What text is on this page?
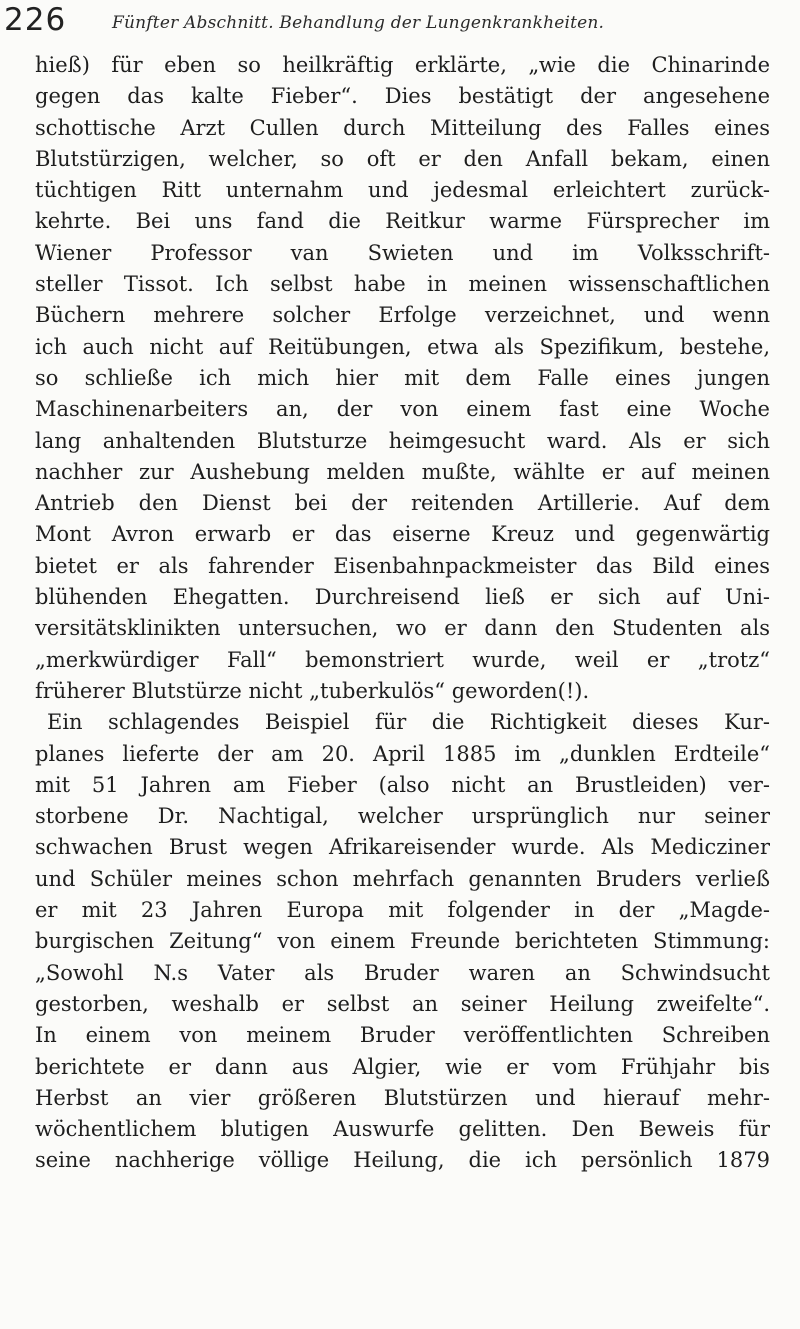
226	Fünfter Abschnitt. Behandlung der Lungenkrankheiten.
hieß) für eben so heilkräftig erklärte, „wie die Chinarinde
gegen das kalte Fieber“. Dies bestätigt der angesehene
schottische Arzt Cullen durch Mitteilung des Falles eines
Blutstürzigen, welcher, so oft er den Anfall bekam, einen
tüchtigen Ritt unternahm und jedesmal erleichtert zurück-
kehrte. Bei uns fand die Reitkur warme Fürsprecher im
Wiener Professor van Swieten und im Volksschrift-
steller Tissot. Ich selbst habe in meinen wissenschaftlichen
Büchern mehrere solcher Erfolge verzeichnet, und wenn
ich auch nicht auf Reitübungen, etwa als Spezifikum, bestehe,
so schließe ich mich hier mit dem Falle eines jungen
Maschinenarbeiters an, der von einem fast eine Woche
lang anhaltenden Blutsturze heimgesucht ward. Als er sich
nachher zur Aushebung melden mußte, wählte er auf meinen
Antrieb den Dienst bei der reitenden Artillerie. Auf dem
Mont Avron erwarb er das eiserne Kreuz und gegenwärtig
bietet er als fahrender Eisenbahnpackmeister das Bild eines
blühenden Ehegatten. Durchreisend ließ er sich auf Uni-
versitätsklinikten untersuchen, wo er dann den Studenten als
„merkwürdiger Fall“ bemonstriert wurde, weil er „trotz“
früherer Blutstürze nicht „tuberkulös“ geworden(!).
Ein schlagendes Beispiel für die Richtigkeit dieses Kur-
planes lieferte der am 20. April 1885 im „dunklen Erdteile“
mit 51 Jahren am Fieber (also nicht an Brustleiden) ver-
storbene Dr. Nachtigal, welcher ursprünglich nur seiner
schwachen Brust wegen Afrikareisender wurde. Als Medicziner
und Schüler meines schon mehrfach genannten Bruders verließ
er mit 23 Jahren Europa mit folgender in der „Magde-
burgischen Zeitung“ von einem Freunde berichteten Stimmung:
„Sowohl N.s Vater als Bruder waren an Schwindsucht
gestorben, weshalb er selbst an seiner Heilung zweifelte“.
In einem von meinem Bruder veröffentlichten Schreiben
berichtete er dann aus Algier, wie er vom Frühjahr bis
Herbst an vier größeren Blutstürzen und hierauf mehr-
wöchentlichem blutigen Auswurfe gelitten. Den Beweis für
seine nachherige völlige Heilung, die ich persönlich 1879
